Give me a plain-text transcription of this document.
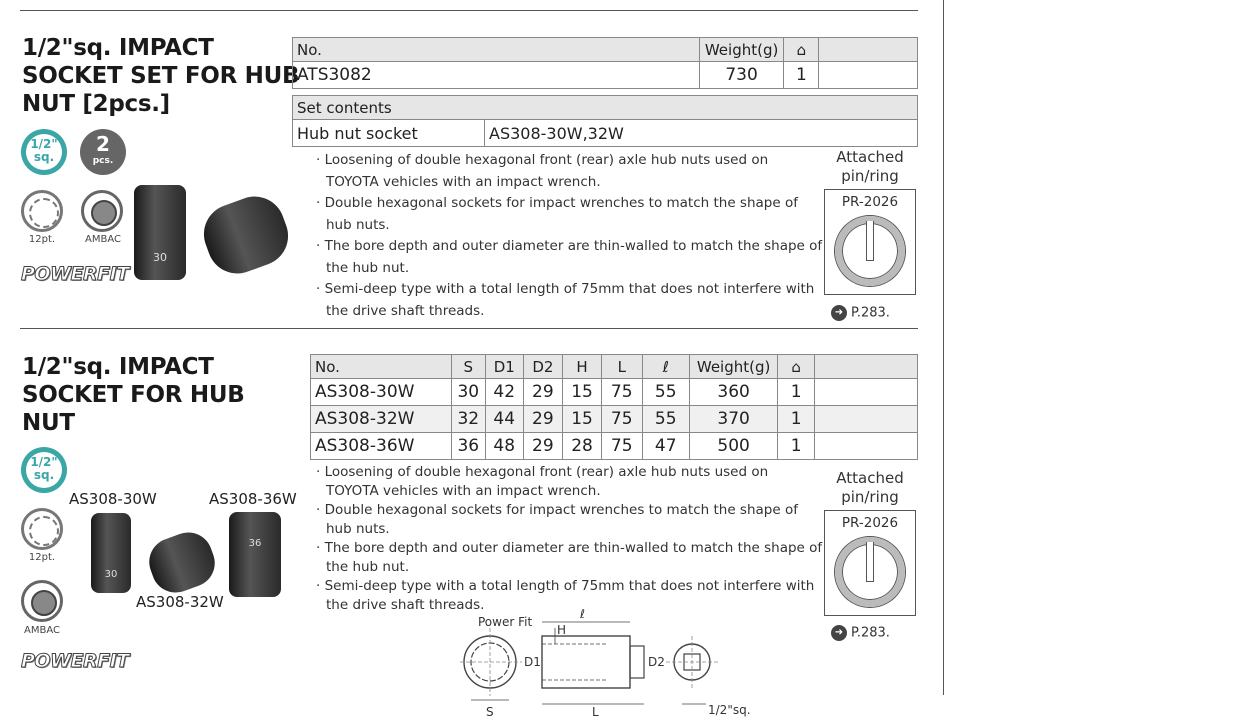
1/2"sq. IMPACT SOCKET SET FOR HUB NUT [2pcs.]
1/2"
sq.
2
pcs.
12pt.	AMBAC
POWERFIT
30
No.	Weight(g)	⌂	
ATS3082	730	1	
Set contents
Hub nut socket	AS308-30W,32W
· Loosening of double hexagonal front (rear) axle hub nuts used on TOYOTA vehicles with an impact wrench.
· Double hexagonal sockets for impact wrenches to match the shape of hub nuts.
· The bore depth and outer diameter are thin-walled to match the shape of the hub nut.
· Semi-deep type with a total length of 75mm that does not interfere with the drive shaft threads.
Attached pin/ring
PR-2026
➜ P.283.
1/2"sq. IMPACT SOCKET FOR HUB NUT
1/2"
sq.
12pt.
AMBAC
POWERFIT
AS308-30W	AS308-36W
AS308-32W
30
36
No.	S	D1	D2	H	L	ℓ	Weight(g)	⌂	
AS308-30W	30	42	29	15	75	55	360	1	
AS308-32W	32	44	29	15	75	55	370	1	
AS308-36W	36	48	29	28	75	47	500	1	
· Loosening of double hexagonal front (rear) axle hub nuts used on TOYOTA vehicles with an impact wrench.
· Double hexagonal sockets for impact wrenches to match the shape of hub nuts.
· The bore depth and outer diameter are thin-walled to match the shape of the hub nut.
· Semi-deep type with a total length of 75mm that does not interfere with the drive shaft threads.
Attached pin/ring
PR-2026
➜ P.283.
Power Fit
D1
S
ℓ
H
L
D2
1/2"sq.
